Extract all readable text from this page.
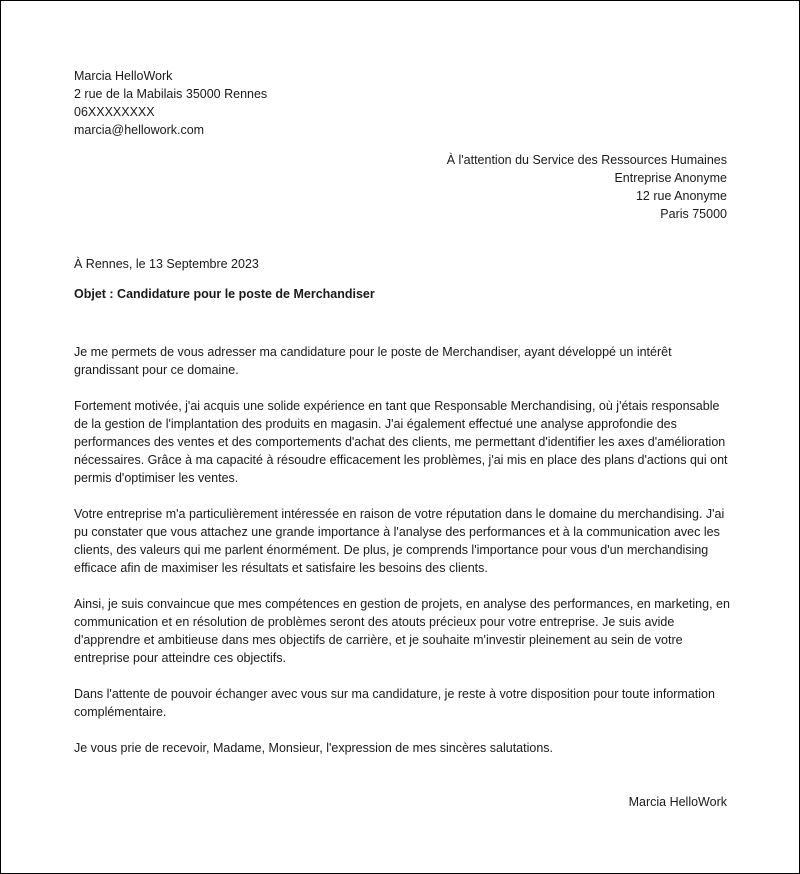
Marcia HelloWork
2 rue de la Mabilais 35000 Rennes
06XXXXXXXX
marcia@hellowork.com
À l'attention du Service des Ressources Humaines
Entreprise Anonyme
12 rue Anonyme
Paris 75000
À Rennes, le 13 Septembre 2023
Objet : Candidature pour le poste de Merchandiser

Je me permets de vous adresser ma candidature pour le poste de Merchandiser, ayant développé un intérêt grandissant pour ce domaine.

Fortement motivée, j'ai acquis une solide expérience en tant que Responsable Merchandising, où j'étais responsable de la gestion de l'implantation des produits en magasin. J'ai également effectué une analyse approfondie des performances des ventes et des comportements d'achat des clients, me permettant d'identifier les axes d'amélioration nécessaires. Grâce à ma capacité à résoudre efficacement les problèmes, j'ai mis en place des plans d'actions qui ont permis d'optimiser les ventes.

Votre entreprise m'a particulièrement intéressée en raison de votre réputation dans le domaine du merchandising. J'ai pu constater que vous attachez une grande importance à l'analyse des performances et à la communication avec les clients, des valeurs qui me parlent énormément. De plus, je comprends l'importance pour vous d'un merchandising efficace afin de maximiser les résultats et satisfaire les besoins des clients.

Ainsi, je suis convaincue que mes compétences en gestion de projets, en analyse des performances, en marketing, en communication et en résolution de problèmes seront des atouts précieux pour votre entreprise. Je suis avide d'apprendre et ambitieuse dans mes objectifs de carrière, et je souhaite m'investir pleinement au sein de votre entreprise pour atteindre ces objectifs.

Dans l'attente de pouvoir échanger avec vous sur ma candidature, je reste à votre disposition pour toute information complémentaire.

Je vous prie de recevoir, Madame, Monsieur, l'expression de mes sincères salutations.

Marcia HelloWork
